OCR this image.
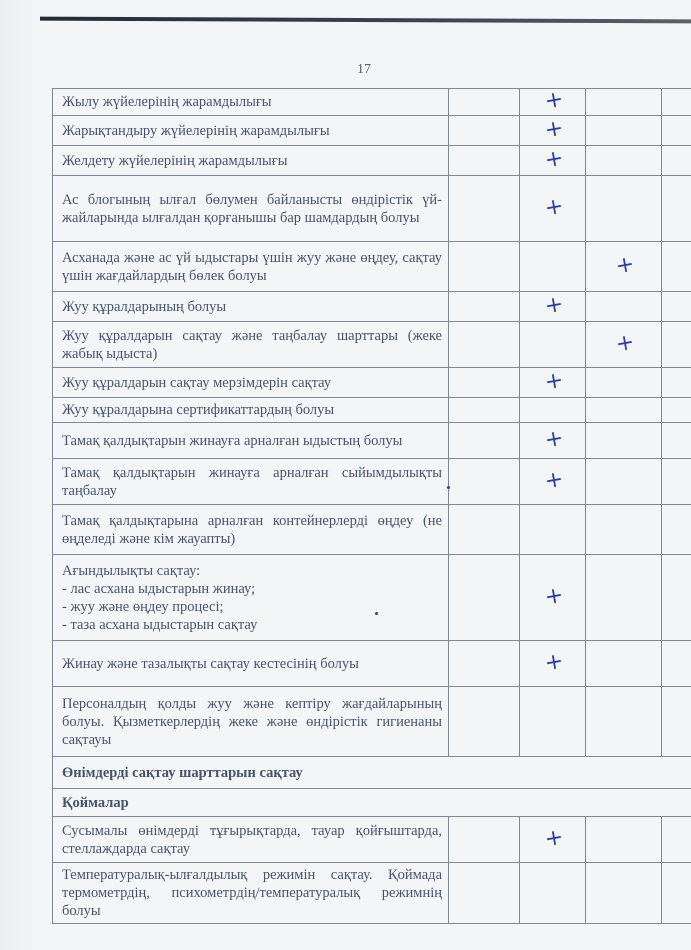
17
Жылу жүйелерінің жарамдылығы		+		
Жарықтандыру жүйелерінің жарамдылығы		+		
Желдету жүйелерінің жарамдылығы		+		
Ас блогының ылғал бөлумен байланысты өндірістік үй-жайларында ылғалдан қорғанышы бар шамдардың болуы		+		
Асханада және ас үй ыдыстары үшін жуу және өңдеу, сақтау үшін жағдайлардың бөлек болуы			+	
Жуу құралдарының болуы		+		
Жуу құралдарын сақтау және таңбалау шарттары (жеке жабық ыдыста)			+	
Жуу құралдарын сақтау мерзімдерін сақтау		+		
Жуу құралдарына сертификаттардың болуы				
Тамақ қалдықтарын жинауға арналған ыдыстың болуы		+		
Тамақ қалдықтарын жинауға арналған сыйымдылықты таңбалау		+		
Тамақ қалдықтарына арналған контейнерлерді өңдеу (не өңделеді және кім жауапты)				
Ағындылықты сақтау:
- лас асхана ыдыстарын жинау;
- жуу және өңдеу процесі;
- таза асхана ыдыстарын сақтау		+		
Жинау және тазалықты сақтау кестесінің болуы		+		
Персоналдың қолды жуу және кептіру жағдайларының болуы. Қызметкерлердің жеке және өндірістік гигиенаны сақтауы				
Өнімдерді сақтау шарттарын сақтау				
Қоймалар				
Сусымалы өнімдерді тұғырықтарда, тауар қойғыштарда, стеллаждарда сақтау		+		
Температуралық-ылғалдылық режимін сақтау. Қоймада термометрдің, психометрдің/температуралық режимнің болуы				
